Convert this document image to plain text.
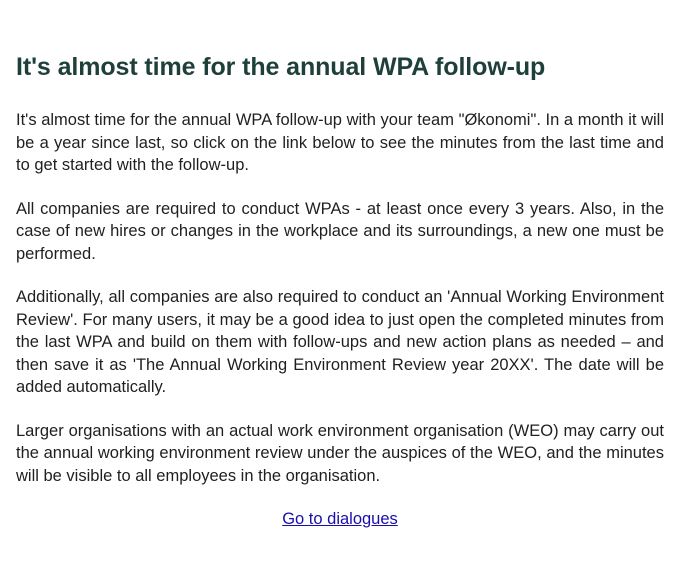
It's almost time for the annual WPA follow-up

It's almost time for the annual WPA follow-up with your team "Økonomi". In a month it will be a year since last, so click on the link below to see the minutes from the last time and to get started with the follow-up.

All companies are required to conduct WPAs - at least once every 3 years. Also, in the case of new hires or changes in the workplace and its surroundings, a new one must be performed.

Additionally, all companies are also required to conduct an 'Annual Working Environment Review'. For many users, it may be a good idea to just open the completed minutes from the last WPA and build on them with follow-ups and new action plans as needed – and then save it as 'The Annual Working Environment Review year 20XX'. The date will be added automatically.

Larger organisations with an actual work environment organisation (WEO) may carry out the annual working environment review under the auspices of the WEO, and the minutes will be visible to all employees in the organisation.

Go to dialogues
